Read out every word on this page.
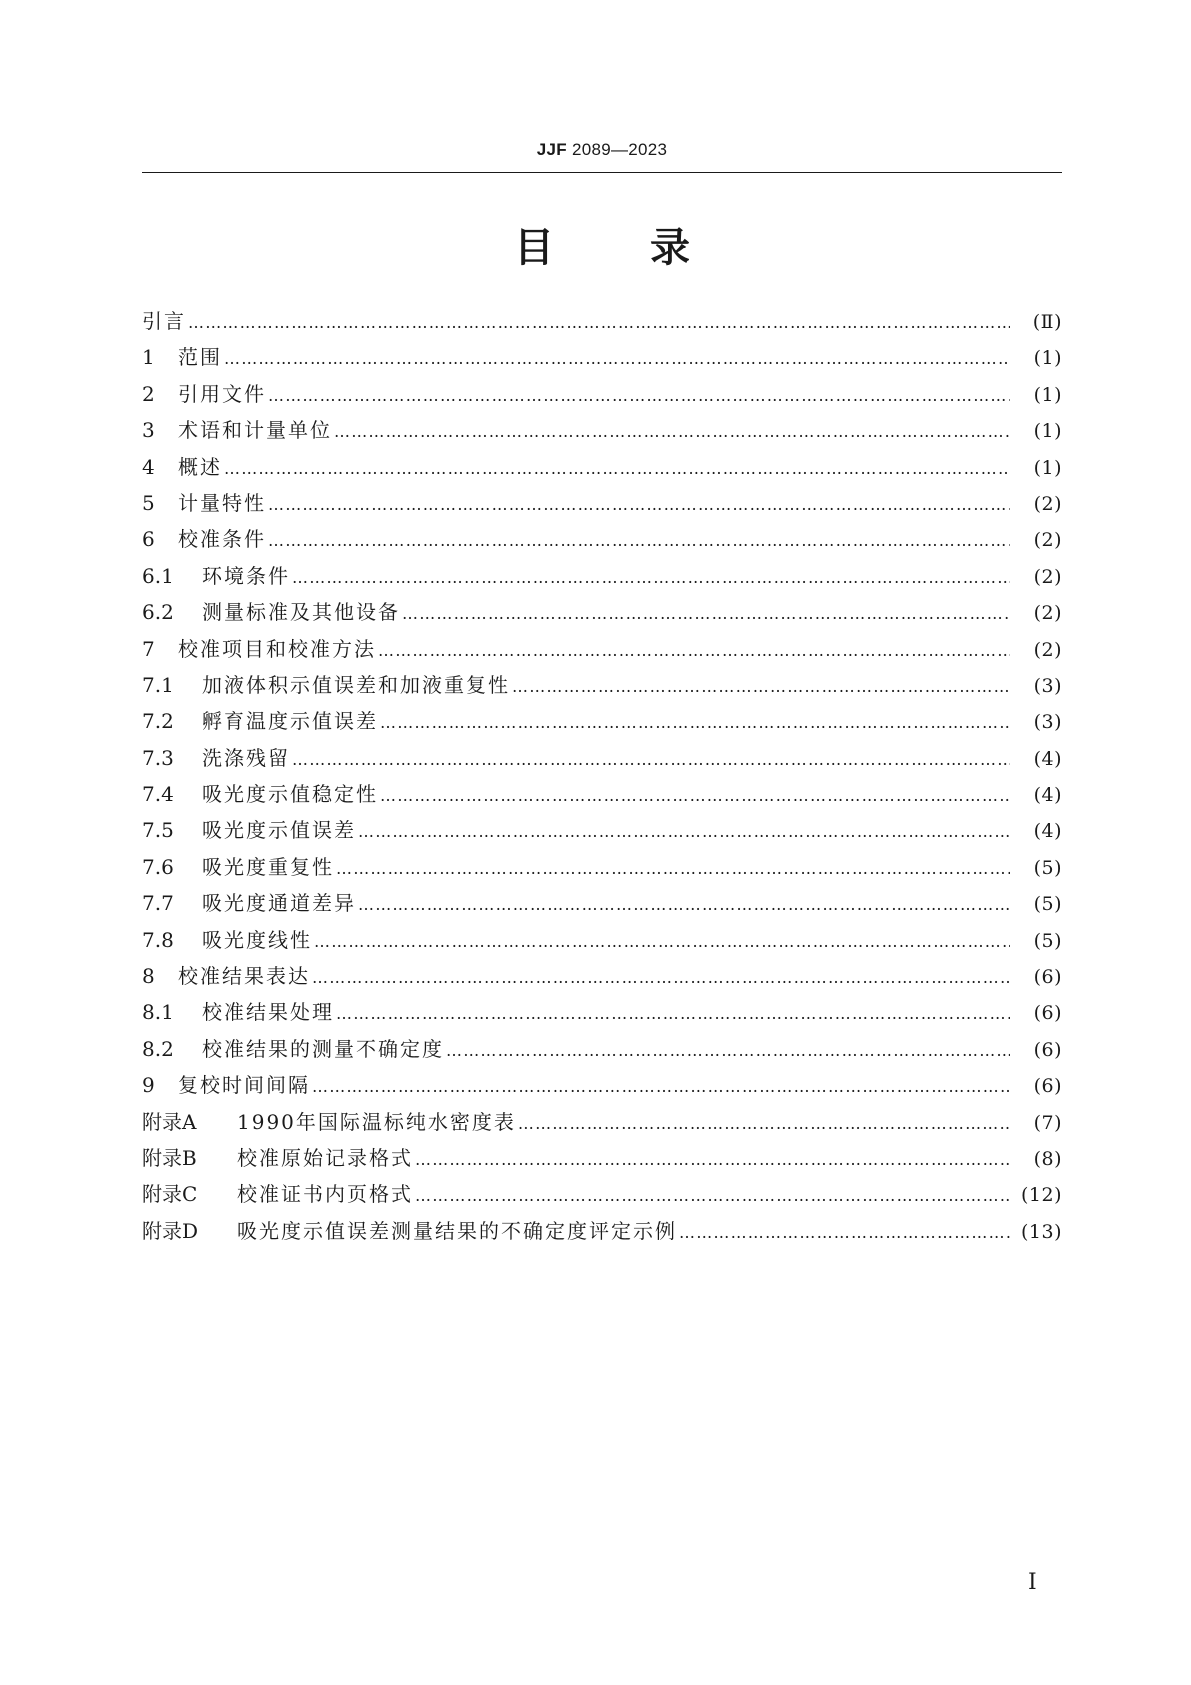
JJF 2089—2023
目 录
引言 …………………………………………………………………………………………………………………………………………………………………………………………………………………………	(Ⅱ)
1	范围 …………………………………………………………………………………………………………………………………………………………………………………………………………………………	(1)
2	引用文件 …………………………………………………………………………………………………………………………………………………………………………………………………………………………	(1)
3	术语和计量单位 …………………………………………………………………………………………………………………………………………………………………………………………………………………………	(1)
4	概述 …………………………………………………………………………………………………………………………………………………………………………………………………………………………	(1)
5	计量特性 …………………………………………………………………………………………………………………………………………………………………………………………………………………………	(2)
6	校准条件 …………………………………………………………………………………………………………………………………………………………………………………………………………………………	(2)
6.1	环境条件 …………………………………………………………………………………………………………………………………………………………………………………………………………………………	(2)
6.2	测量标准及其他设备 …………………………………………………………………………………………………………………………………………………………………………………………………………………………	(2)
7	校准项目和校准方法 …………………………………………………………………………………………………………………………………………………………………………………………………………………………	(2)
7.1	加液体积示值误差和加液重复性 …………………………………………………………………………………………………………………………………………………………………………………………………………………………	(3)
7.2	孵育温度示值误差 …………………………………………………………………………………………………………………………………………………………………………………………………………………………	(3)
7.3	洗涤残留 …………………………………………………………………………………………………………………………………………………………………………………………………………………………	(4)
7.4	吸光度示值稳定性 …………………………………………………………………………………………………………………………………………………………………………………………………………………………	(4)
7.5	吸光度示值误差 …………………………………………………………………………………………………………………………………………………………………………………………………………………………	(4)
7.6	吸光度重复性 …………………………………………………………………………………………………………………………………………………………………………………………………………………………	(5)
7.7	吸光度通道差异 …………………………………………………………………………………………………………………………………………………………………………………………………………………………	(5)
7.8	吸光度线性 …………………………………………………………………………………………………………………………………………………………………………………………………………………………	(5)
8	校准结果表达 …………………………………………………………………………………………………………………………………………………………………………………………………………………………	(6)
8.1	校准结果处理 …………………………………………………………………………………………………………………………………………………………………………………………………………………………	(6)
8.2	校准结果的测量不确定度 …………………………………………………………………………………………………………………………………………………………………………………………………………………………	(6)
9	复校时间间隔 …………………………………………………………………………………………………………………………………………………………………………………………………………………………	(6)
附录A	1990年国际温标纯水密度表 …………………………………………………………………………………………………………………………………………………………………………………………………………………………	(7)
附录B	校准原始记录格式 …………………………………………………………………………………………………………………………………………………………………………………………………………………………	(8)
附录C	校准证书内页格式 …………………………………………………………………………………………………………………………………………………………………………………………………………………………	(12)
附录D	吸光度示值误差测量结果的不确定度评定示例 …………………………………………………………………………………………………………………………………………………………………………………………………………………………	(13)
Ⅰ
